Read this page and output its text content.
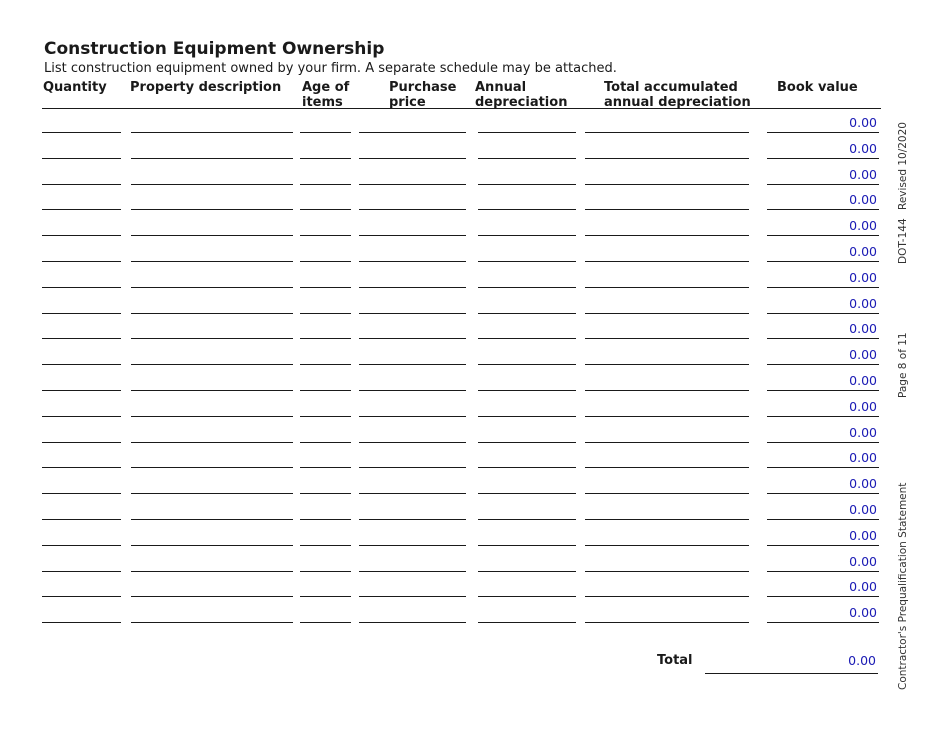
Construction Equipment Ownership
List construction equipment owned by your firm. A separate schedule may be attached.
Quantity Property description Age of
items
Purchase
price
Annual
depreciation
Total accumulated
annual depreciation
Book value
0.00
0.00
0.00
0.00
0.00
0.00
0.00
0.00
0.00
0.00
0.00
0.00
0.00
0.00
0.00
0.00
0.00
0.00
0.00
0.00
Total	0.00
Revised 10/2020
DOT-144
Page 8 of 11
Contractor's Prequalification Statement
